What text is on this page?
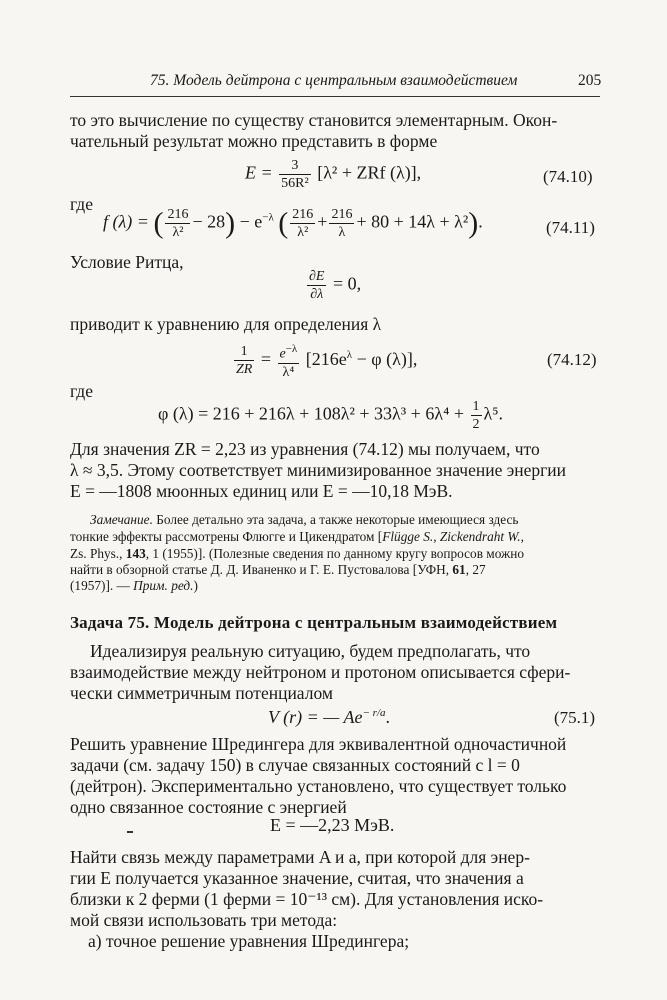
75. Модель дейтрона с центральным взаимодействием	205
то это вычисление по существу становится элементарным. Окон-
чательный результат можно представить в форме
$E = \frac{3}{\text{56R²}} [\lambda^2$ + ZRf (λ)],	(74.10)
где
f (λ) = ( $\frac{216}{\text{λ²}} - 28) - e^{-\lambda}$ ( $\frac{216}{\text{λ²}} + \frac{216}{\lambda} + 80 + 14\lambda + \lambda^2$).	(74.11)
Условие Ритца,
$\frac{\partial E}{\partial\lambda} = 0$,
приводит к уравнению для определения λ
$\frac{1}{ZR} = \frac{e^{-\lambda}}{\text{λ⁴}} [216e^\lambda - \varphi$ (λ)],	(74.12)
где
φ $(\lambda) = 216 + 216\lambda + 108\lambda^2 + 33\lambda^3 + 6\lambda^4 + \frac{1}{2} \lambda^5$.
Для значения ZR = 2,23 из уравнения (74.12) мы получаем, что
λ ≈ 3,5. Этому соответствует минимизированное значение энергии
E = —1808 мюонных единиц или E = —10,18 МэВ.
Замечание. Более детально эта задача, а также некоторые имеющиеся здесь
тонкие эффекты рассмотрены Флюгге и Цикендратом [Flügge S., Zickendraht W.,
Zs. Phys., 143, 1 (1955)]. (Полезные сведения по данному кругу вопросов можно
найти в обзорной статье Д. Д. Иваненко и Г. Е. Пустовалова [УФН, 61, 27
(1957)]. — Прим. ред.)
Задача 75. Модель дейтрона с центральным взаимодействием
Идеализируя реальную ситуацию, будем предполагать, что
взаимодействие между нейтроном и протоном описывается сфери-
чески симметричным потенциалом
V (r) = — $Ae^{- r/a}$.	(75.1)
Решить уравнение Шредингера для эквивалентной одночастичной
задачи (см. задачу 150) в случае связанных состояний с l = 0
(дейтрон). Экспериментально установлено, что существует только
одно связанное состояние с энергией
E = —2,23 МэВ.
Найти связь между параметрами A и a, при которой для энер-
гии E получается указанное значение, считая, что значения a
близки к 2 ферми (1 ферми = 10⁻¹³ см). Для установления иско-
мой связи использовать три метода:
а) точное решение уравнения Шредингера;
